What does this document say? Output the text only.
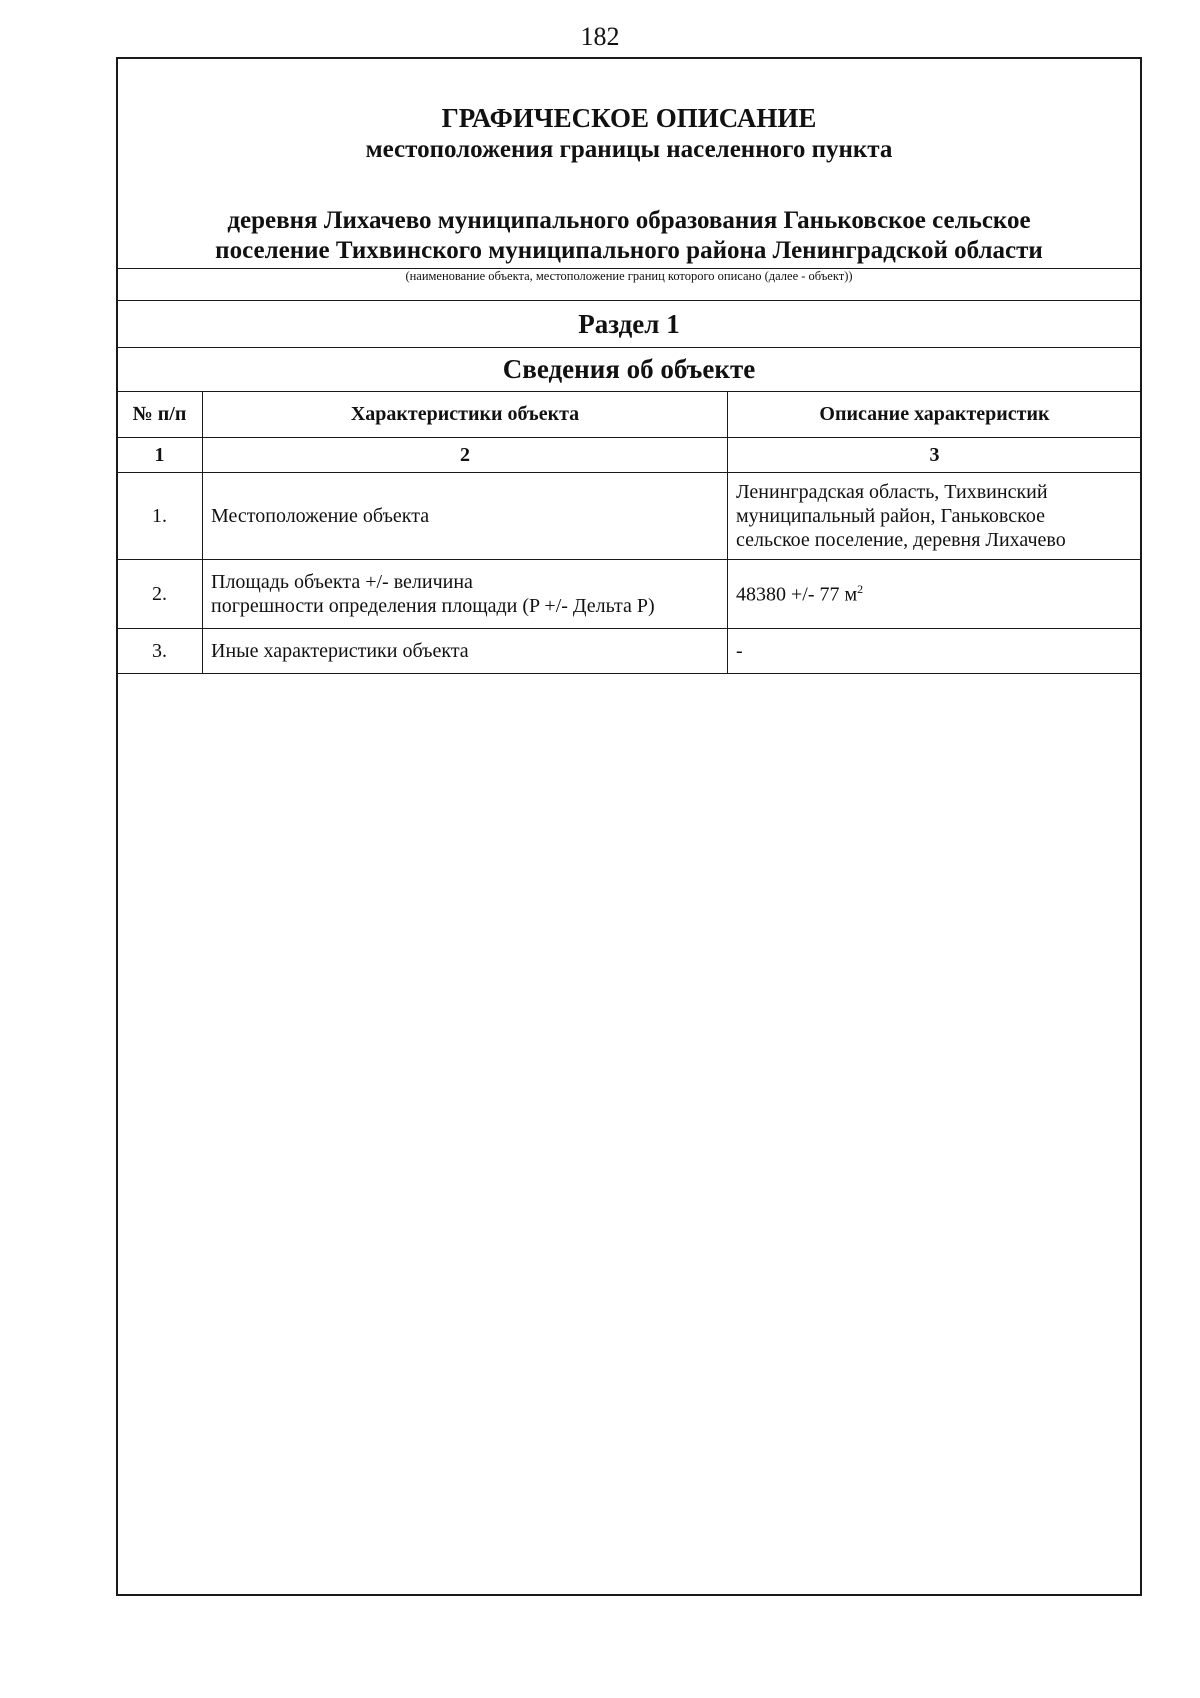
182
ГРАФИЧЕСКОЕ ОПИСАНИЕ
местоположения границы населенного пункта
деревня Лихачево муниципального образования Ганьковское сельское
поселение Тихвинского муниципального района Ленинградской области
(наименование объекта, местоположение границ которого описано (далее - объект))
Раздел 1
Сведения об объекте
№ п/п	Характеристики объекта	Описание характеристик
1	2	3
1.	Местоположение объекта	Ленинградская область, Тихвинский
муниципальный район, Ганьковское
сельское поселение, деревня Лихачево

2.	Площадь объекта +/- величина
погрешности определения площади (P +/- Дельта P)	48380 +/- 77 $м^2$
3.	Иные характеристики объекта	-
